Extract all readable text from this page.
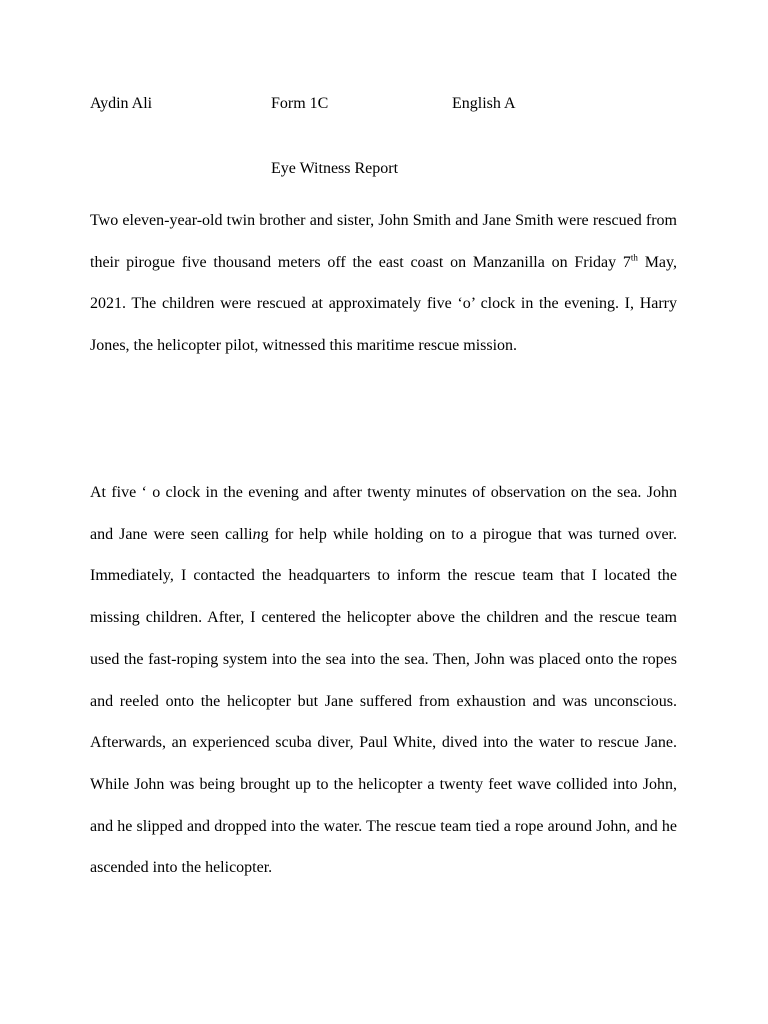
Aydin Ali	Form 1C	English A
Eye Witness Report

Two eleven-year-old twin brother and sister, John Smith and Jane Smith were rescued from their pirogue five thousand meters off the east coast on Manzanilla on Friday 7th May, 2021. The children were rescued at approximately five ‘o’ clock in the evening. I, Harry Jones, the helicopter pilot, witnessed this maritime rescue mission.

At five ‘ o clock in the evening and after twenty minutes of observation on the sea. John and Jane were seen calling for help while holding on to a pirogue that was turned over. Immediately, I contacted the headquarters to inform the rescue team that I located the missing children. After, I centered the helicopter above the children and the rescue team used the fast-roping system into the sea into the sea. Then, John was placed onto the ropes and reeled onto the helicopter but Jane suffered from exhaustion and was unconscious. Afterwards, an experienced scuba diver, Paul White, dived into the water to rescue Jane. While John was being brought up to the helicopter a twenty feet wave collided into John, and he slipped and dropped into the water. The rescue team tied a rope around John, and he ascended into the helicopter.
